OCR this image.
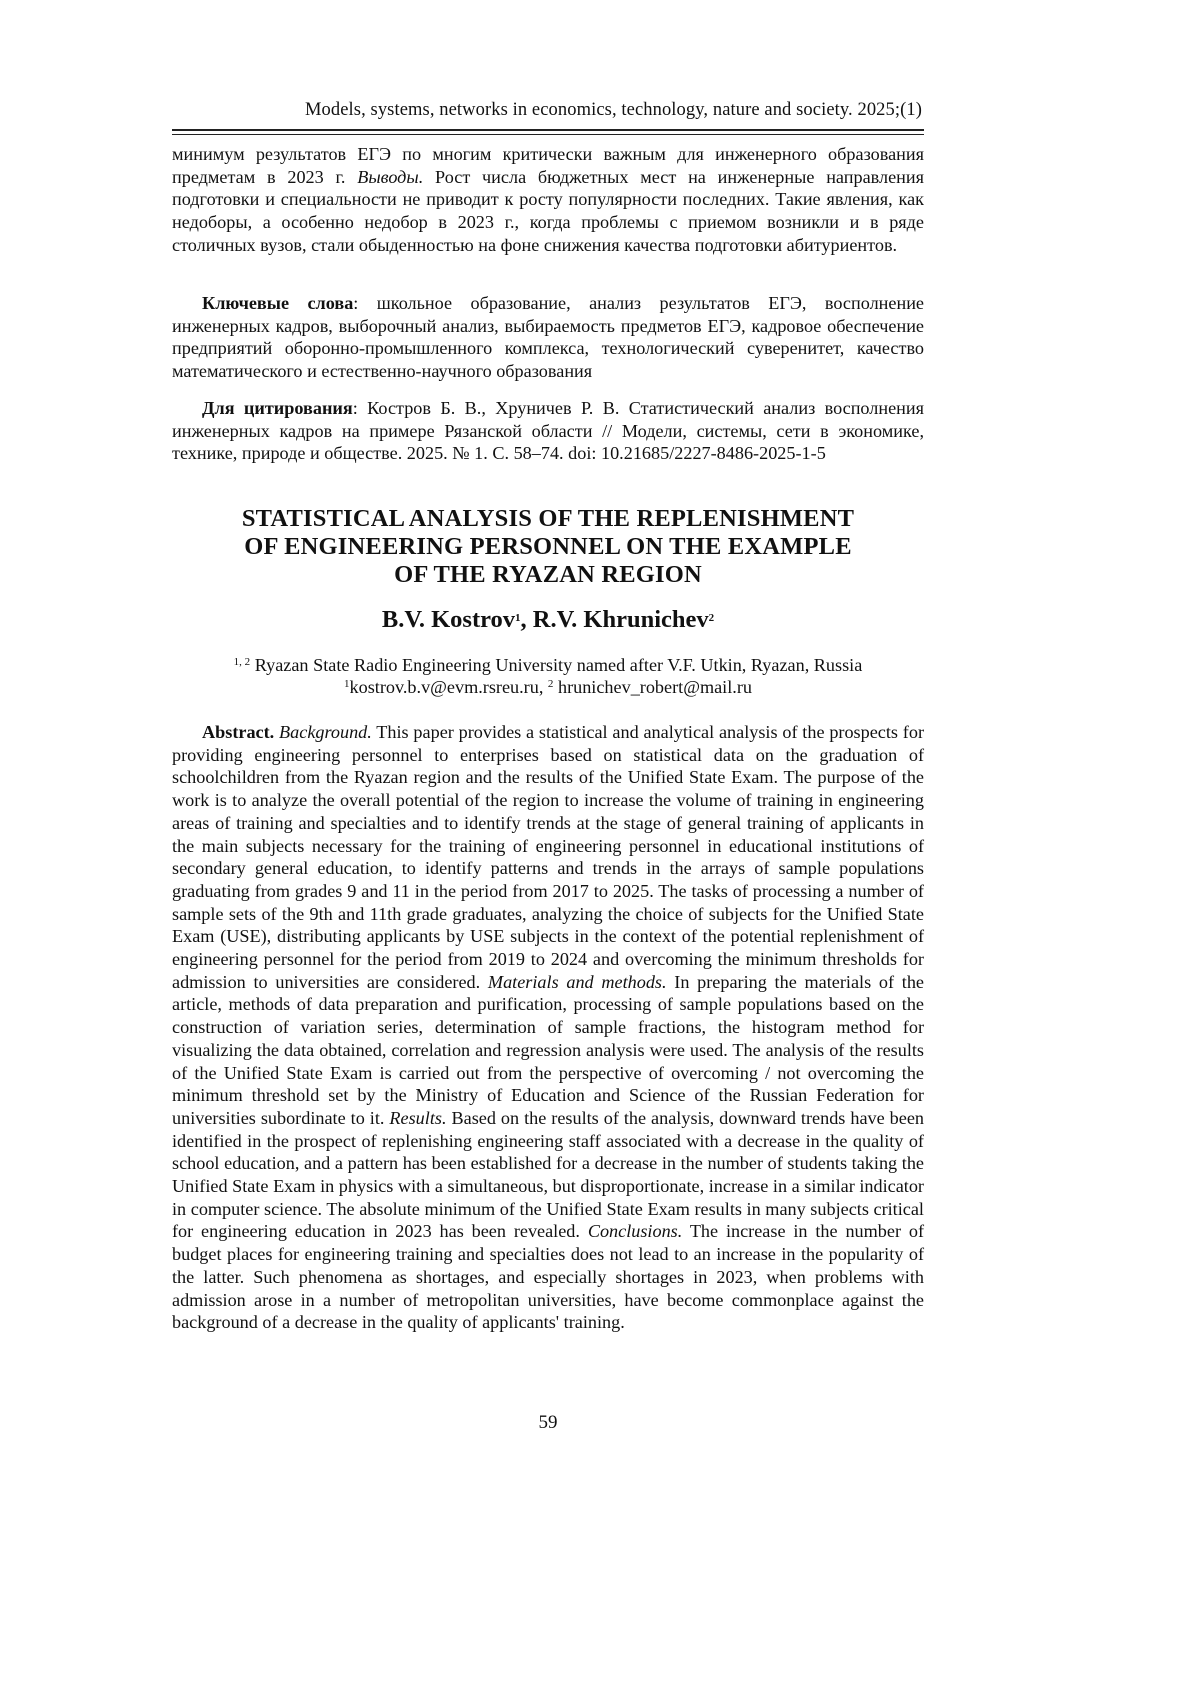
Models, systems, networks in economics, technology, nature and society. 2025;(1)

минимум результатов ЕГЭ по многим критически важным для инженерного образования предметам в 2023 г. Выводы. Рост числа бюджетных мест на инженерные направления подготовки и специальности не приводит к росту популярности последних. Такие явления, как недоборы, а особенно недобор в 2023 г., когда проблемы с приемом возникли и в ряде столичных вузов, стали обыденностью на фоне снижения качества подготовки абитуриентов.

Ключевые слова: школьное образование, анализ результатов ЕГЭ, восполнение инженерных кадров, выборочный анализ, выбираемость предметов ЕГЭ, кадровое обеспечение предприятий оборонно-промышленного комплекса, технологический суверенитет, качество математического и естественно-научного образования

Для цитирования: Костров Б. В., Хруничев Р. В. Статистический анализ восполнения инженерных кадров на примере Рязанской области // Модели, системы, сети в экономике, технике, природе и обществе. 2025. № 1. С. 58–74. doi: 10.21685/2227-8486-2025-1-5

STATISTICAL ANALYSIS OF THE REPLENISHMENT
OF ENGINEERING PERSONNEL ON THE EXAMPLE
OF THE RYAZAN REGION
B.V. Kostrov$^1$, R.V. Khrunichev$^2$
$^{1, 2}$ Ryazan State Radio Engineering University named after V.F. Utkin, Ryazan, Russia
$^1$kostrov.b.v@evm.rsreu.ru, $^2$ hrunichev_robert@mail.ru

Abstract. Background. This paper provides a statistical and analytical analysis of the prospects for providing engineering personnel to enterprises based on statistical data on the graduation of schoolchildren from the Ryazan region and the results of the Unified State Exam. The purpose of the work is to analyze the overall potential of the region to increase the volume of training in engineering areas of training and specialties and to identify trends at the stage of general training of applicants in the main subjects necessary for the training of engineering personnel in educational institutions of secondary general education, to identify patterns and trends in the arrays of sample populations graduating from grades 9 and 11 in the period from 2017 to 2025. The tasks of processing a number of sample sets of the 9th and 11th grade graduates, analyzing the choice of subjects for the Unified State Exam (USE), distributing applicants by USE subjects in the context of the potential replenishment of engineering personnel for the period from 2019 to 2024 and overcoming the minimum thresholds for admission to universities are considered. Materials and methods. In preparing the materials of the article, methods of data preparation and purification, processing of sample populations based on the construction of variation series, determination of sample fractions, the histogram method for visualizing the data obtained, correlation and regression analysis were used. The analysis of the results of the Unified State Exam is carried out from the perspective of overcoming / not overcoming the minimum threshold set by the Ministry of Education and Science of the Russian Federation for universities subordinate to it. Results. Based on the results of the analysis, downward trends have been identified in the prospect of replenishing engineering staff associated with a decrease in the quality of school education, and a pattern has been established for a decrease in the number of students taking the Unified State Exam in physics with a simultaneous, but disproportionate, increase in a similar indicator in computer science. The absolute minimum of the Unified State Exam results in many subjects critical for engineering education in 2023 has been revealed. Conclusions. The increase in the number of budget places for engineering training and specialties does not lead to an increase in the popularity of the latter. Such phenomena as shortages, and especially shortages in 2023, when problems with admission arose in a number of metropolitan universities, have become commonplace against the background of a decrease in the quality of applicants' training.

59
